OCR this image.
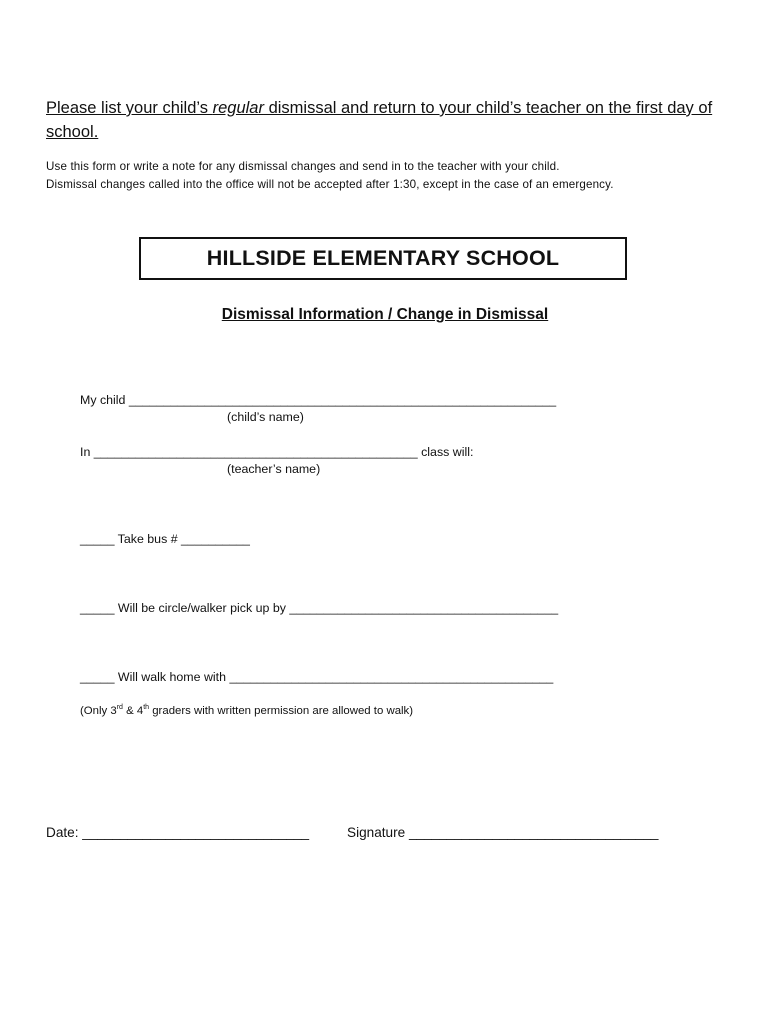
Please list your child’s regular dismissal and return to your child’s teacher on the first day of school.
Use this form or write a note for any dismissal changes and send in to the teacher with your child.
Dismissal changes called into the office will not be accepted after 1:30, except in the case of an emergency.
HILLSIDE ELEMENTARY SCHOOL
Dismissal Information / Change in Dismissal
My child ______________________________________________________________
(child’s name)
In _______________________________________________ class will:
(teacher’s name)
_____ Take bus # __________
_____ Will be circle/walker pick up by _______________________________________
_____ Will walk home with _______________________________________________
(Only 3rd & 4th graders with written permission are allowed to walk)
Date: ______________________________	Signature _________________________________
